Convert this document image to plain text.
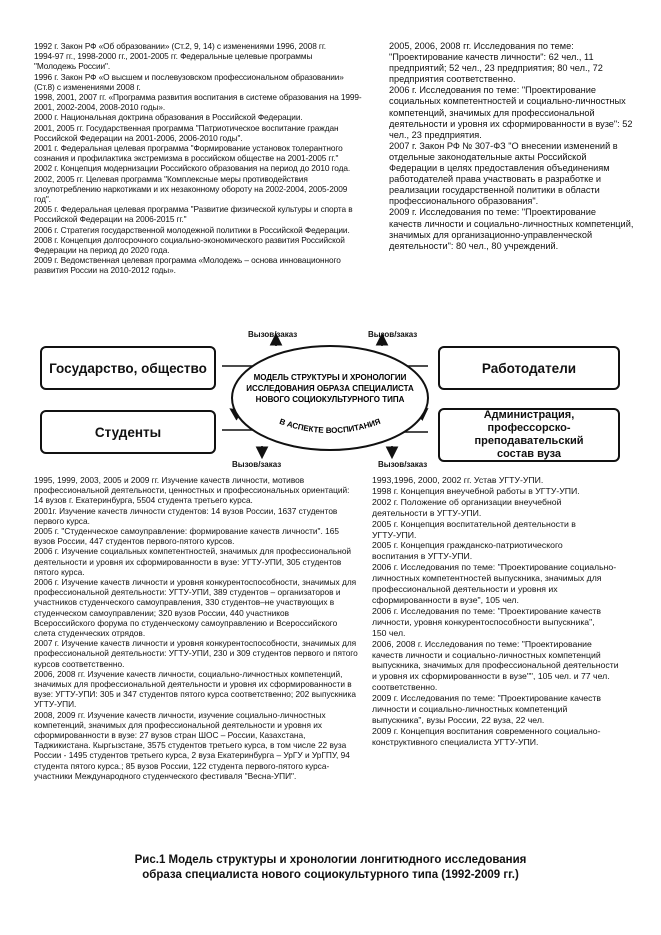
1992 г. Закон РФ «Об образовании» (Ст.2, 9, 14) с изменениями 1996, 2008 гг.
1994-97 гг., 1998-2000 гг., 2001-2005 гг. Федеральные целевые программы
"Молодежь России".
1996 г. Закон РФ «О высшем и послевузовском профессиональном образовании»
(Ст.8) с изменениями 2008 г.
1998, 2001, 2007 гг. «Программа развития воспитания в системе образования на 1999-
2001, 2002-2004, 2008-2010 годы».
2000 г. Национальная доктрина образования в Российской Федерации.
2001, 2005 гг. Государственная программа "Патриотическое воспитание граждан
Российской Федерации на 2001-2006, 2006-2010 годы".
2001 г. Федеральная целевая программа "Формирование установок толерантного
сознания и профилактика экстремизма в российском обществе на 2001-2005 гг."
2002 г. Концепция модернизации Российского образования на период до 2010 года.
2002, 2005 гг. Целевая программа "Комплексные меры противодействия
злоупотреблению наркотиками и их незаконному обороту на 2002-2004, 2005-2009
год".
2005 г. Федеральная целевая программа "Развитие физической культуры и спорта в
Российской Федерации на 2006-2015 гг."
2006 г. Стратегия государственной молодежной политики в Российской Федерации.
2008 г. Концепция долгосрочного социально-экономического развития Российской
Федерации на период до 2020 года.
2009 г. Ведомственная целевая программа «Молодежь – основа инновационного
развития России на 2010-2012 годы».
2005, 2006, 2008 гг. Исследования по теме:
"Проектирование качеств личности": 62 чел., 11
предприятий; 52 чел., 23 предприятия; 80 чел., 72
предприятия соответственно.
2006 г. Исследования по теме: "Проектирование
социальных компетентностей и социально-личностных
компетенций, значимых для профессиональной
деятельности и уровня их сформированности в вузе": 52
чел., 23 предприятия.
2007 г. Закон РФ № 307-ФЗ "О внесении изменений в
отдельные законодательные акты Российской
Федерации в целях предоставления объединениям
работодателей права участвовать в разработке и
реализации государственной политики в области
профессионального образования".
2009 г. Исследования по теме: "Проектирование
качеств личности и социально-личностных компетенций,
значимых для организационно-управленческой
деятельности": 80 чел., 80 учреждений.
МОДЕЛЬ СТРУКТУРЫ И ХРОНОЛОГИИ
ИССЛЕДОВАНИЯ ОБРАЗА СПЕЦИАЛИСТА
НОВОГО СОЦИОКУЛЬТУРНОГО ТИПА
В АСПЕКТЕ ВОСПИТАНИЯ
Вызов/заказ	Вызов/заказ
Вызов/заказ	Вызов/заказ
Государство, общество
Студенты
Работодатели
Администрация,
профессорско-преподавательский
состав вуза
1995, 1999, 2003, 2005 и 2009 гг. Изучение качеств личности, мотивов
профессиональной деятельности, ценностных и профессиональных ориентаций:
14 вузов г. Екатеринбурга, 5504 студента третьего курса.
2001г. Изучение качеств личности студентов: 14 вузов России, 1637 студентов
первого курса.
2005 г. "Студенческое самоуправление: формирование качеств личности". 165
вузов России, 447 студентов первого-пятого курсов.
2006 г. Изучение социальных компетентностей, значимых для профессиональной
деятельности и уровня их сформированности в вузе: УГТУ-УПИ, 305 студентов
пятого курса.
2006 г. Изучение качеств личности и уровня конкурентоспособности, значимых для
профессиональной деятельности: УГТУ-УПИ, 389 студентов – организаторов и
участников студенческого самоуправления, 330 студентов–не участвующих в
студенческом самоуправлении; 320 вузов России, 440 участников
Всероссийского форума по студенческому самоуправлению и Всероссийского
слета студенческих отрядов.
2007 г. Изучение качеств личности и уровня конкурентоспособности, значимых для
профессиональной деятельности: УГТУ-УПИ, 230 и 309 студентов первого и пятого
курсов соответственно.
2006, 2008 гг. Изучение качеств личности, социально-личностных компетенций,
значимых для профессиональной деятельности и уровня их сформированности в
вузе: УГТУ-УПИ: 305 и 347 студентов пятого курса соответственно; 202 выпускника
УГТУ-УПИ.
2008, 2009 гг. Изучение качеств личности, изучение социально-личностных
компетенций, значимых для профессиональной деятельности и уровня их
сформированности в вузе: 27 вузов стран ШОС – России, Казахстана,
Таджикистана. Кыргызстане, 3575 студентов третьего курса, в том числе 22 вуза
России - 1495 студентов третьего курса, 2 вуза Екатеринбурга – УрГУ и УрГПУ, 94
студента пятого курса.; 85 вузов России, 122 студента первого-пятого курса-
участники Международного студенческого фестиваля "Весна-УПИ".
1993,1996, 2000, 2002 гг. Устав УГТУ-УПИ.
1998 г. Концепция внеучебной работы в УГТУ-УПИ.
2002 г. Положение об организации внеучебной
деятельности в УГТУ-УПИ.
2005 г. Концепция воспитательной деятельности в
УГТУ-УПИ.
2005 г. Концепция гражданско-патриотического
воспитания в УГТУ-УПИ.
2006 г. Исследования по теме: "Проектирование социально-
личностных компетентностей выпускника, значимых для
профессиональной деятельности и уровня их
сформированности в вузе", 105 чел.
2006 г. Исследования по теме: "Проектирование качеств
личности, уровня конкурентоспособности выпускника",
150 чел.
2006, 2008 г. Исследования по теме: "Проектирование
качеств личности и социально-личностных компетенций
выпускника, значимых для профессиональной деятельности
и уровня их сформированности в вузе"", 105 чел. и 77 чел.
соответственно.
2009 г. Исследования по теме: "Проектирование качеств
личности и социально-личностных компетенций
выпускника", вузы России, 22 вуза, 22 чел.
2009 г. Концепция воспитания современного социально-
конструктивного специалиста УГТУ-УПИ.
Рис.1 Модель структуры и хронологии лонгитюдного исследования
образа специалиста нового социокультурного типа (1992-2009 гг.)
